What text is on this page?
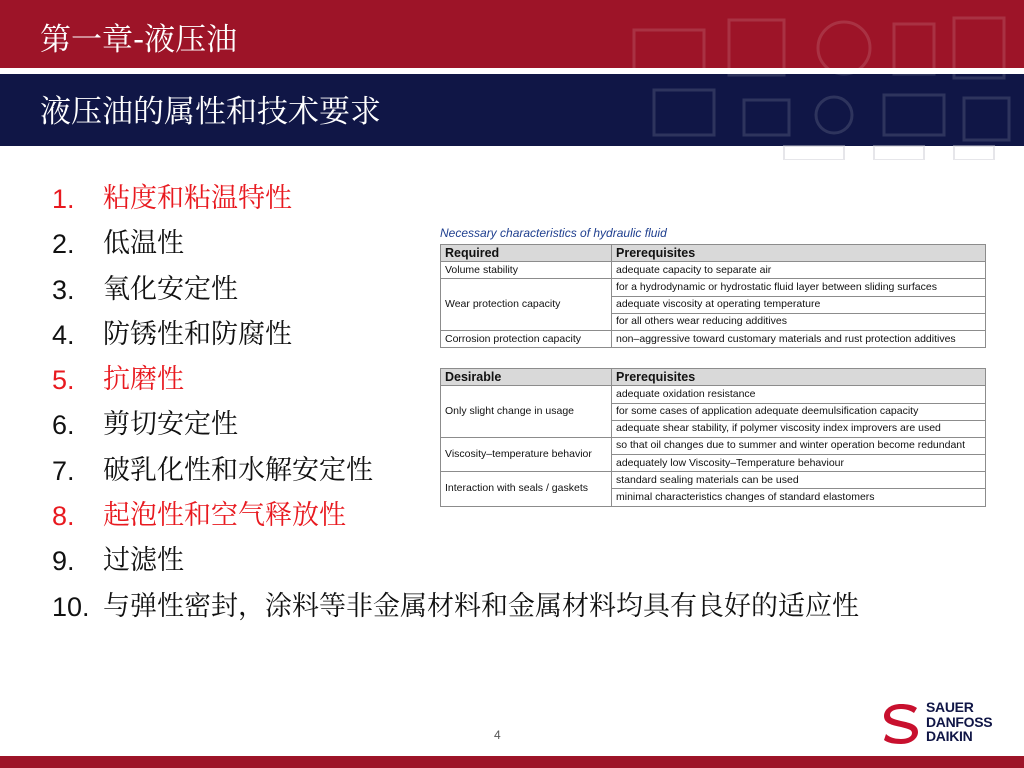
第一章-液压油
液压油的属性和技术要求
1.	粘度和粘温特性
2.	低温性
3.	氧化安定性
4.	防锈性和防腐性
5.	抗磨性
6.	剪切安定性
7.	破乳化性和水解安定性
8.	起泡性和空气释放性
9.	过滤性
10. 与弹性密封，涂料等非金属材料和金属材料均具有良好的适应性
Necessary characteristics of hydraulic fluid
Required	Prerequisites
Volume stability	adequate capacity to separate air
Wear protection capacity	for a hydrodynamic or hydrostatic fluid layer between sliding surfaces
	adequate viscosity at operating temperature
	for all others wear reducing additives
Corrosion protection capacity	non–aggressive toward customary materials and rust protection additives
Desirable	Prerequisites
Only slight change in usage	adequate oxidation resistance
	for some cases of application adequate deemulsification capacity
	adequate shear stability, if polymer viscosity index improvers are used
Viscosity–temperature behavior	so that oil changes due to summer and winter operation become redundant
	adequately low Viscosity–Temperature behaviour
Interaction with seals / gaskets	standard sealing materials can be used
	minimal characteristics changes of standard elastomers
4
SAUER
DANFOSS
DAIKIN
